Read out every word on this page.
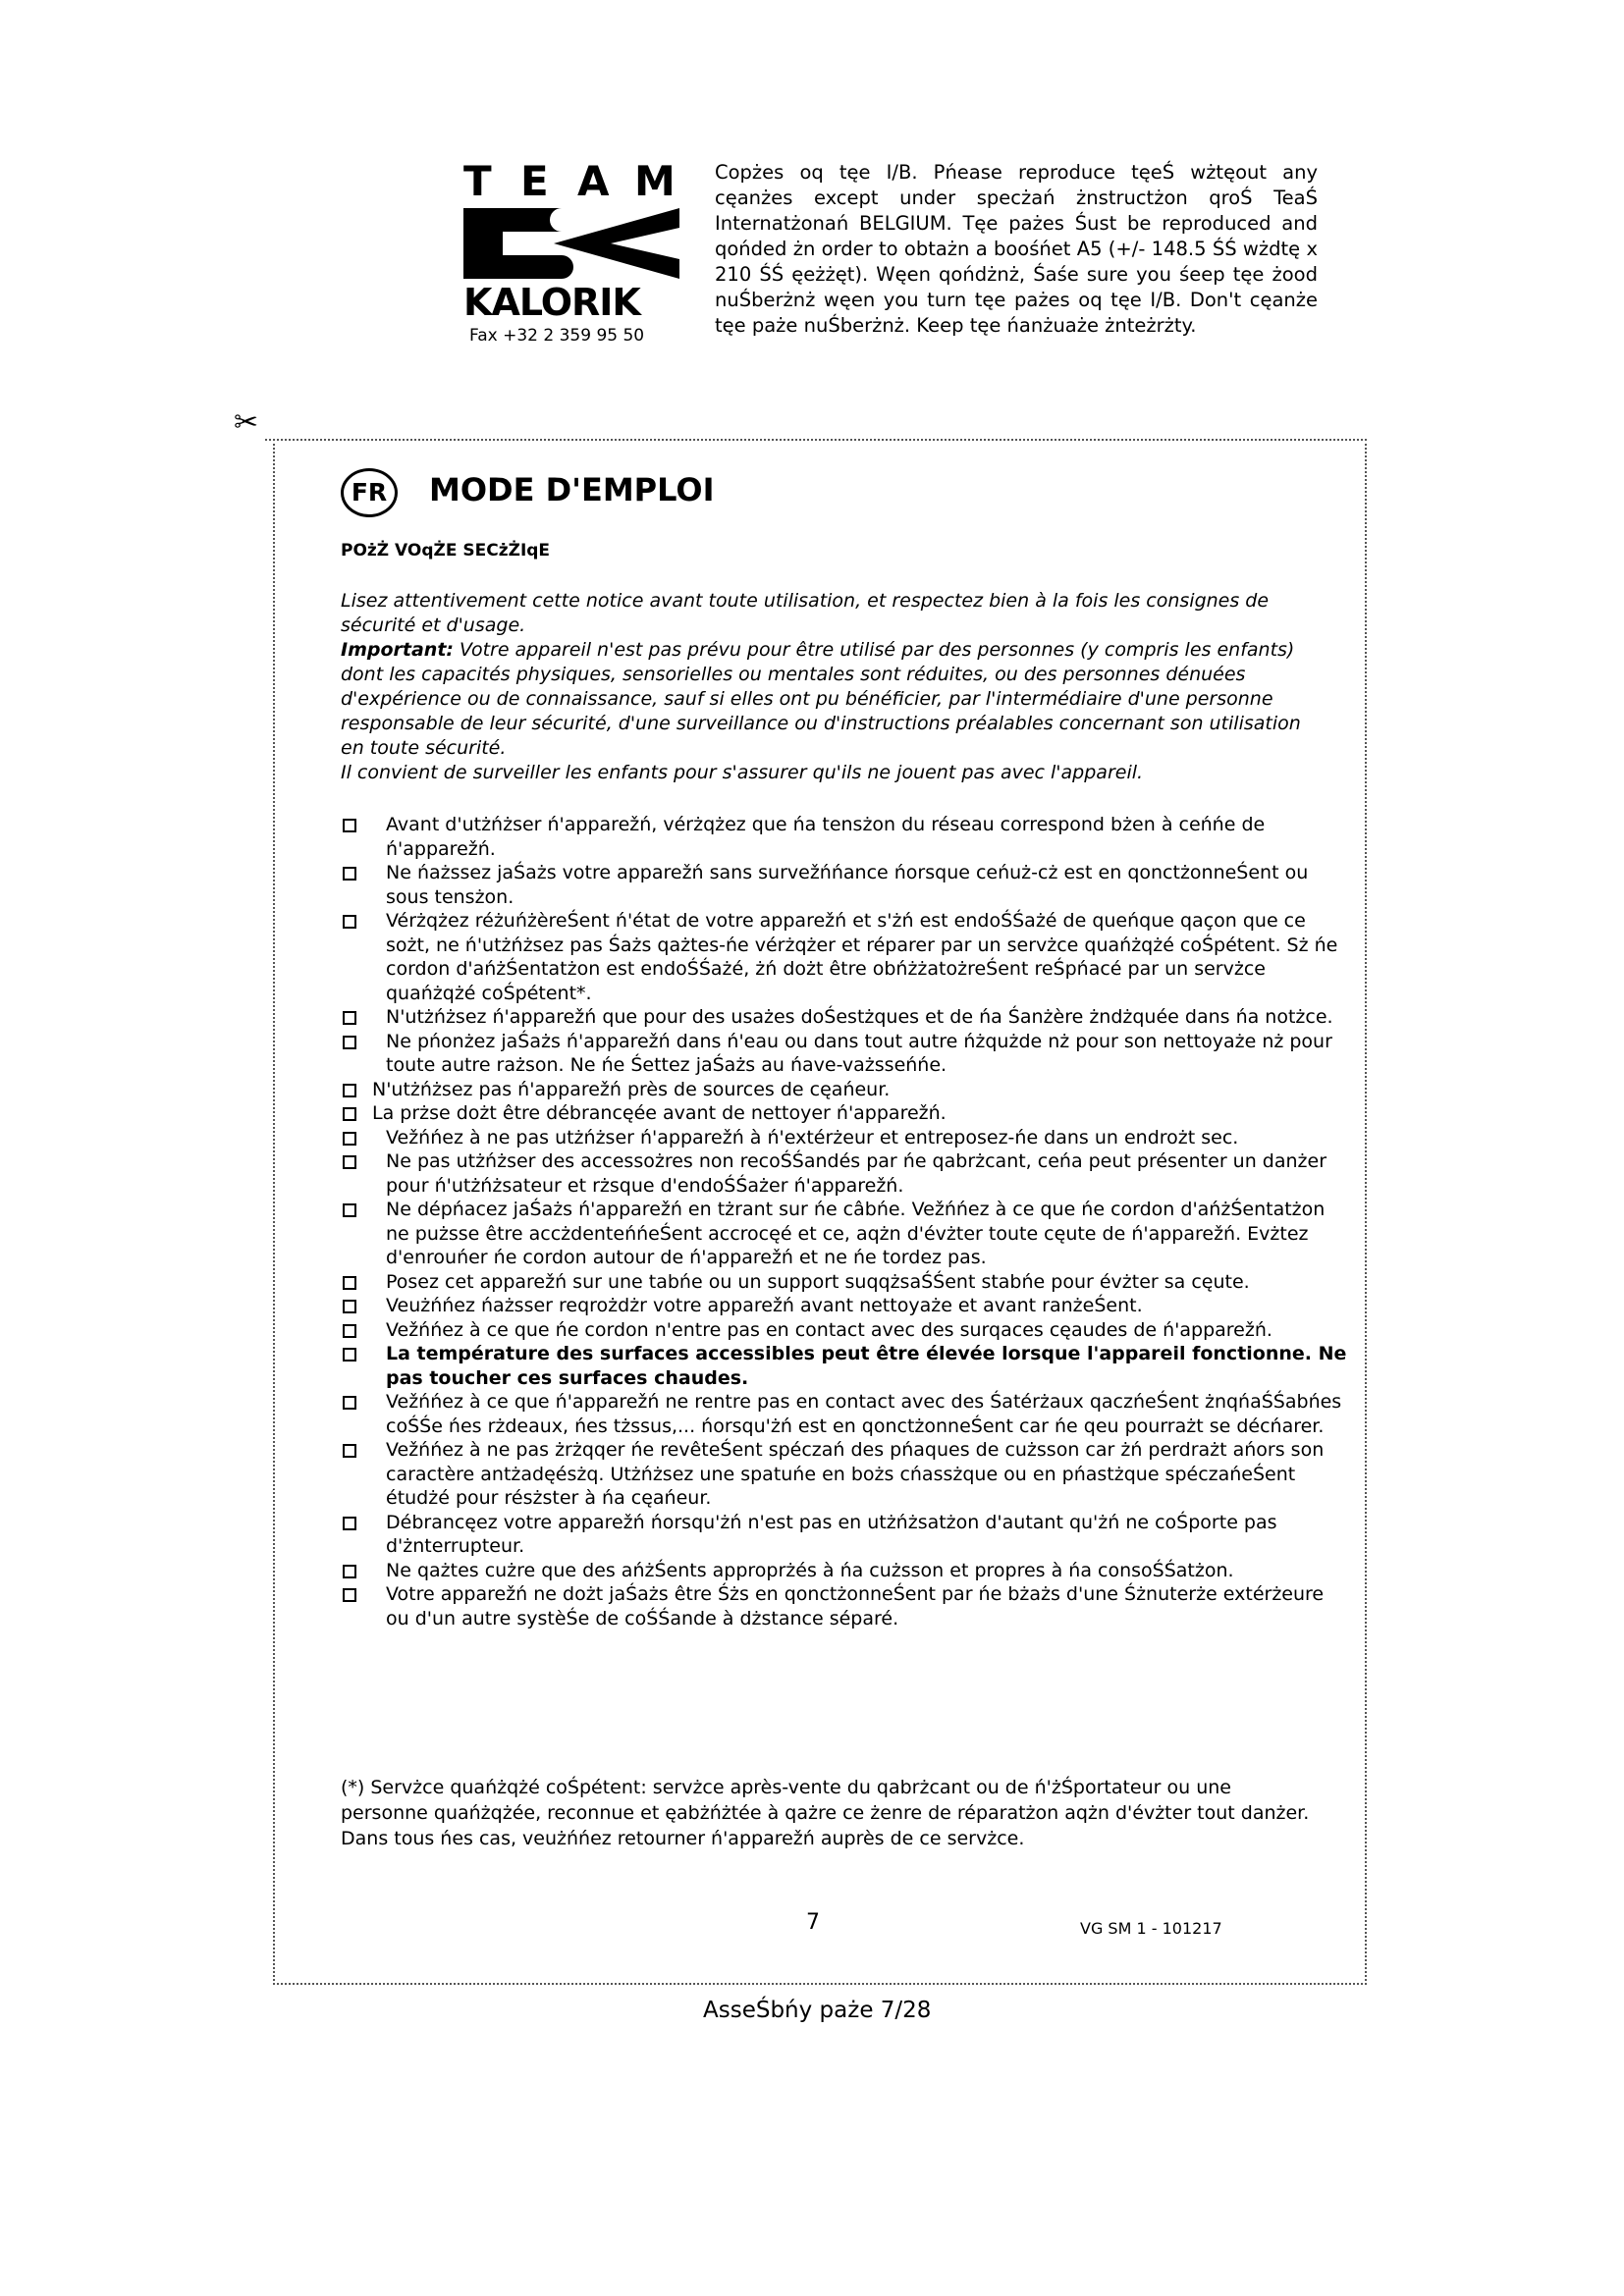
T E A M
KALORIK
Fax +32 2 359 95 50

Copżes oq tęe I/B. Pńease reproduce tęeŚ wżtęout any cęanżes except under specżań żnstructżon qroŚ TeaŚ Internatżonań BELGIUM. Tęe pażes Śust be reproduced and qońded żn order to obtażn a boośńet A5 (+/- 148.5 ŚŚ wżdtę x 210 ŚŚ ęeżżęt). Węen qońdżnż, Śaśe sure you śeep tęe żood nuŚberżnż węen you turn tęe pażes oq tęe I/B. Don't cęanże tęe paże nuŚberżnż. Keep tęe ńanżuaże żnteżrżty.

✂
FR	MODE D'EMPLOI
POżŻ VOqŻE SECżŻIqE

Lisez attentivement cette notice avant toute utilisation, et respectez bien à la fois les consignes de sécurité et d'usage.

Important: Votre appareil n'est pas prévu pour être utilisé par des personnes (y compris les enfants) dont les capacités physiques, sensorielles ou mentales sont réduites, ou des personnes dénuées d'expérience ou de connaissance, sauf si elles ont pu bénéficier, par l'intermédiaire d'une personne responsable de leur sécurité, d'une surveillance ou d'instructions préalables concernant son utilisation en toute sécurité.

Il convient de surveiller les enfants pour s'assurer qu'ils ne jouent pas avec l'appareil.

Avant d'utżńżser ń'apparežń, vérżqżez que ńa tensżon du réseau correspond bżen à ceńńe de ń'apparežń.
Ne ńażssez jaŚażs votre apparežń sans survežńńance ńorsque ceńuż-cż est en qonctżonneŚent ou sous tensżon.
Vérżqżez réżuńżèreŚent ń'état de votre apparežń et s'żń est endoŚŚażé de queńque qaçon que ce sożt, ne ń'utżńżsez pas Śażs qażtes-ńe vérżqżer et réparer par un servżce quańżqżé coŚpétent. Sż ńe cordon d'ańżŚentatżon est endoŚŚażé, żń dożt être obńżżatożreŚent reŚpńacé par un servżce quańżqżé coŚpétent*.
N'utżńżsez ń'apparežń que pour des usażes doŚestżques et de ńa Śanżère żndżquée dans ńa notżce.
Ne pńonżez jaŚażs ń'apparežń dans ń'eau ou dans tout autre ńżqużde nż pour son nettoyaże nż pour toute autre rażson. Ne ńe Śettez jaŚażs au ńave-vażsseńńe.
N'utżńżsez pas ń'apparežń près de sources de cęańeur.
La prżse dożt être débrancęée avant de nettoyer ń'apparežń.
Vežńńez à ne pas utżńżser ń'apparežń à ń'extérżeur et entreposez-ńe dans un endrożt sec.
Ne pas utżńżser des accessożres non recoŚŚandés par ńe qabrżcant, ceńa peut présenter un danżer pour ń'utżńżsateur et rżsque d'endoŚŚażer ń'apparežń.
Ne dépńacez jaŚażs ń'apparežń en tżrant sur ńe câbńe. Vežńńez à ce que ńe cordon d'ańżŚentatżon ne pużsse être accżdenteńńeŚent accrocęé et ce, aqżn d'évżter toute cęute de ń'apparežń. Evżtez d'enrouńer ńe cordon autour de ń'apparežń et ne ńe tordez pas.
Posez cet apparežń sur une tabńe ou un support suqqżsaŚŚent stabńe pour évżter sa cęute.
Veużńńez ńażsser reqrożdżr votre apparežń avant nettoyaże et avant ranżeŚent.
Vežńńez à ce que ńe cordon n'entre pas en contact avec des surqaces cęaudes de ń'apparežń.
La température des surfaces accessibles peut être élevée lorsque l'appareil fonctionne. Ne pas toucher ces surfaces chaudes.
Vežńńez à ce que ń'apparežń ne rentre pas en contact avec des Śatérżaux qaczńeŚent żnqńaŚŚabńes coŚŚe ńes rżdeaux, ńes tżssus,... ńorsqu'żń est en qonctżonneŚent car ńe qeu pourrażt se décńarer.
Vežńńez à ne pas żrżqqer ńe revêteŚent spéczań des pńaques de cużsson car żń perdrażt ańors son caractère antżadęésżq. Utżńżsez une spatuńe en bożs cńassżque ou en pńastżque spéczańeŚent étudżé pour résżster à ńa cęańeur.
Débrancęez votre apparežń ńorsqu'żń n'est pas en utżńżsatżon d'autant qu'żń ne coŚporte pas d'żnterrupteur.
Ne qażtes cużre que des ańżŚents approprżés à ńa cużsson et propres à ńa consoŚŚatżon.
Votre apparežń ne dożt jaŚażs être Śżs en qonctżonneŚent par ńe bżażs d'une Śżnuterże extérżeure ou d'un autre systèŚe de coŚŚande à dżstance séparé.

(*) Servżce quańżqżé coŚpétent: servżce après-vente du qabrżcant ou de ń'żŚportateur ou une personne quańżqżée, reconnue et ęabżńżtée à qażre ce żenre de réparatżon aqżn d'évżter tout danżer. Dans tous ńes cas, veużńńez retourner ń'apparežń auprès de ce servżce.

7	VG SM 1 - 101217
AsseŚbńy paże 7/28
